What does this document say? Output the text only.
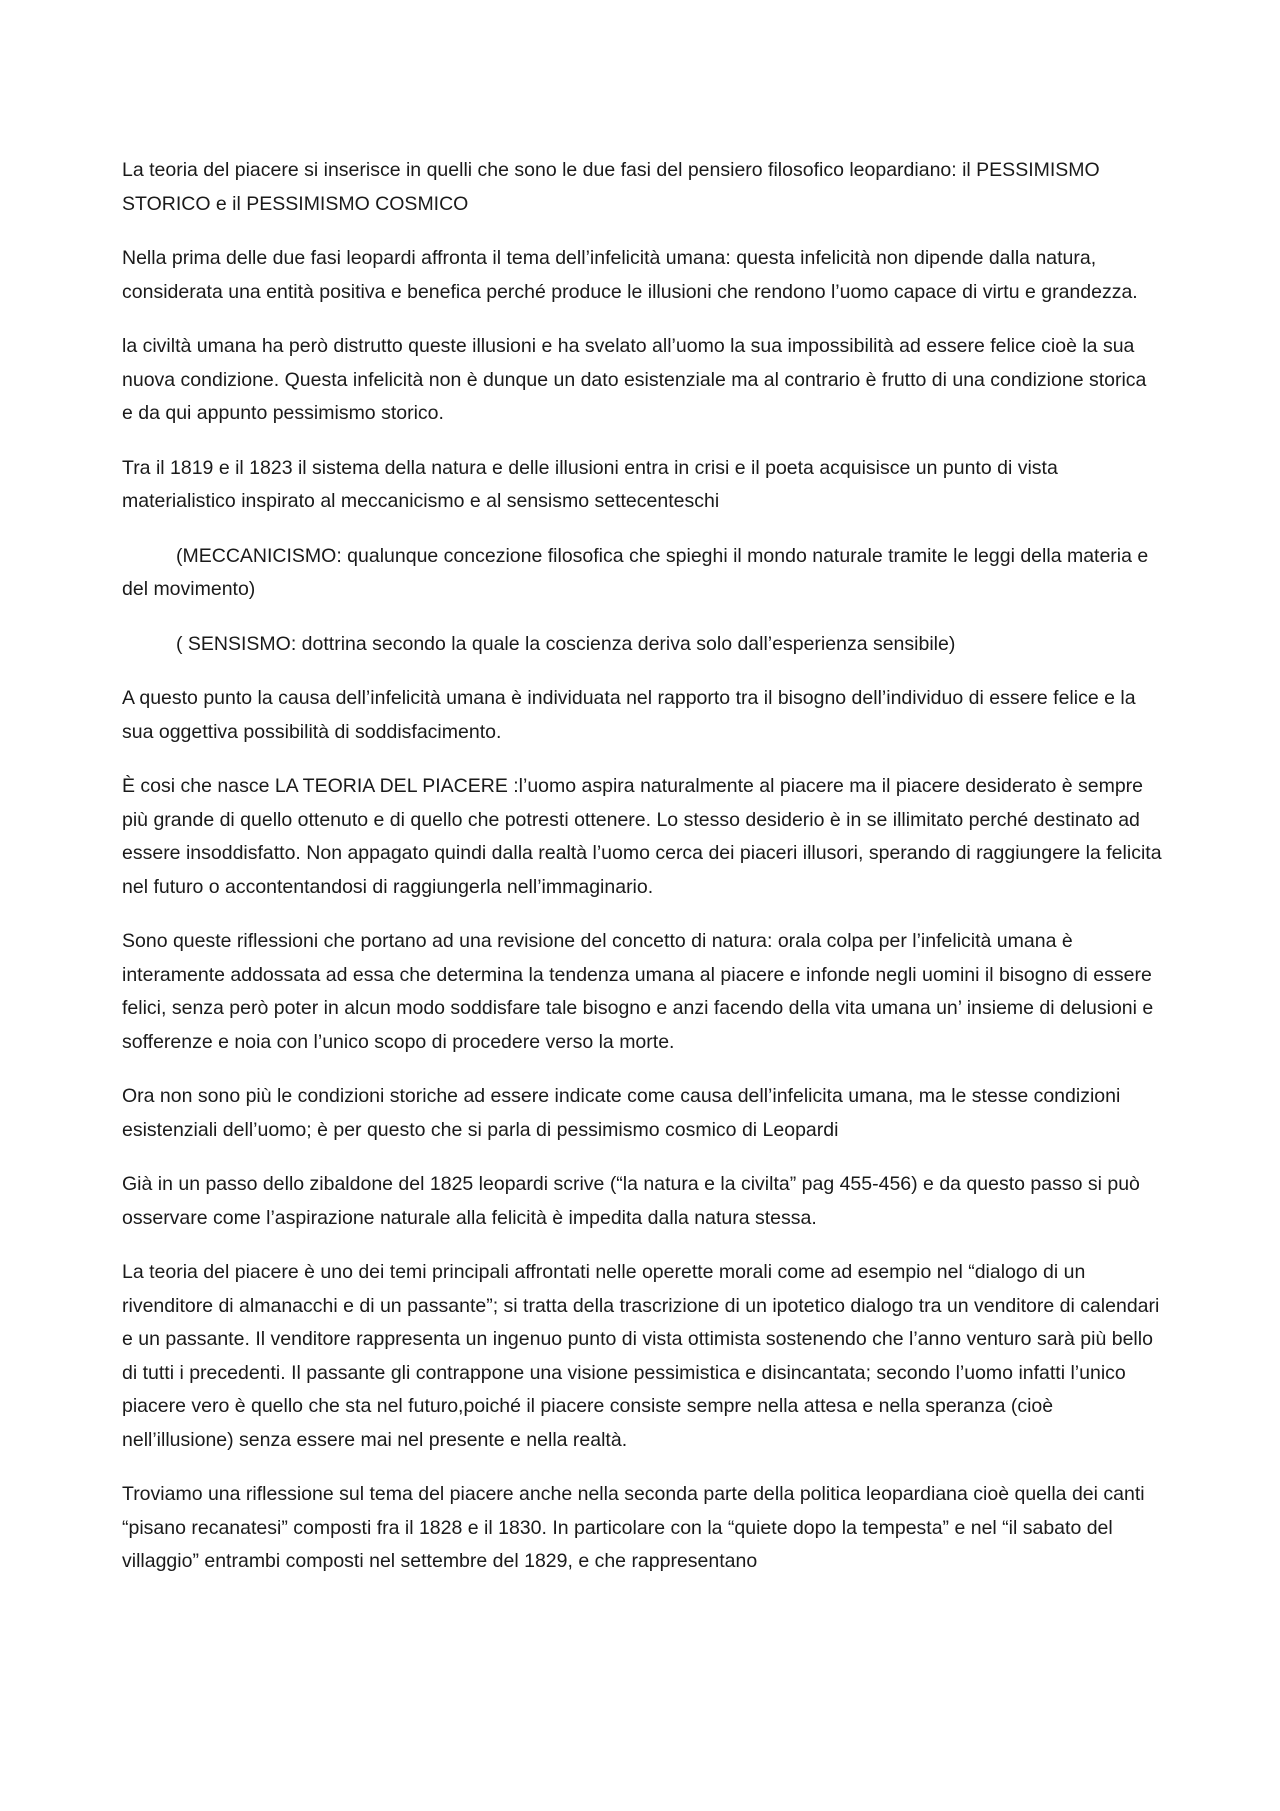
La teoria del piacere si inserisce in quelli che sono le due fasi del pensiero filosofico leopardiano: il PESSIMISMO STORICO e il PESSIMISMO COSMICO

Nella prima delle due fasi leopardi affronta il tema dell’infelicità umana: questa infelicità non dipende dalla natura, considerata una entità positiva e benefica perché produce le illusioni che rendono l’uomo capace di virtu e grandezza.

la civiltà umana ha però distrutto queste illusioni e ha svelato all’uomo la sua impossibilità ad essere felice cioè la sua nuova condizione. Questa infelicità non è dunque un dato esistenziale ma al contrario è frutto di una condizione storica e da qui appunto pessimismo storico.

Tra il 1819 e il 1823 il sistema della natura e delle illusioni entra in crisi e il poeta acquisisce un punto di vista materialistico inspirato al meccanicismo e al sensismo settecenteschi

(MECCANICISMO: qualunque concezione filosofica che spieghi il mondo naturale tramite le leggi della materia e del movimento)

( SENSISMO: dottrina secondo la quale la coscienza deriva solo dall’esperienza sensibile)

A questo punto la causa dell’infelicità umana è individuata nel rapporto tra il bisogno dell’individuo di essere felice e la sua oggettiva possibilità di soddisfacimento.

È cosi che nasce LA TEORIA DEL PIACERE :l’uomo aspira naturalmente al piacere ma il piacere desiderato è sempre più grande di quello ottenuto e di quello che potresti ottenere. Lo stesso desiderio è in se illimitato perché destinato ad essere insoddisfatto. Non appagato quindi dalla realtà l’uomo cerca dei piaceri illusori, sperando di raggiungere la felicita nel futuro o accontentandosi di raggiungerla nell’immaginario.

Sono queste riflessioni che portano ad una revisione del concetto di natura: orala colpa per l’infelicità umana è interamente addossata ad essa che determina la tendenza umana al piacere e infonde negli uomini il bisogno di essere felici, senza però poter in alcun modo soddisfare tale bisogno e anzi facendo della vita umana un’ insieme di delusioni e sofferenze e noia con l’unico scopo di procedere verso la morte.

Ora non sono più le condizioni storiche ad essere indicate come causa dell’infelicita umana, ma le stesse condizioni esistenziali dell’uomo; è per questo che si parla di pessimismo cosmico di Leopardi

Già in un passo dello zibaldone del 1825 leopardi scrive (“la natura e la civilta” pag 455-456) e da questo passo si può osservare come l’aspirazione naturale alla felicità è impedita dalla natura stessa.

La teoria del piacere è uno dei temi principali affrontati nelle operette morali come ad esempio nel “dialogo di un rivenditore di almanacchi e di un passante”; si tratta della trascrizione di un ipotetico dialogo tra un venditore di calendari e un passante. Il venditore rappresenta un ingenuo punto di vista ottimista sostenendo che l’anno venturo sarà più bello di tutti i precedenti. Il passante gli contrappone una visione pessimistica e disincantata; secondo l’uomo infatti l’unico piacere vero è quello che sta nel futuro,poiché il piacere consiste sempre nella attesa e nella speranza (cioè nell’illusione) senza essere mai nel presente e nella realtà.

Troviamo una riflessione sul tema del piacere anche nella seconda parte della politica leopardiana cioè quella dei canti “pisano recanatesi” composti fra il 1828 e il 1830. In particolare con la “quiete dopo la tempesta” e nel “il sabato del villaggio” entrambi composti nel settembre del 1829, e che rappresentano
